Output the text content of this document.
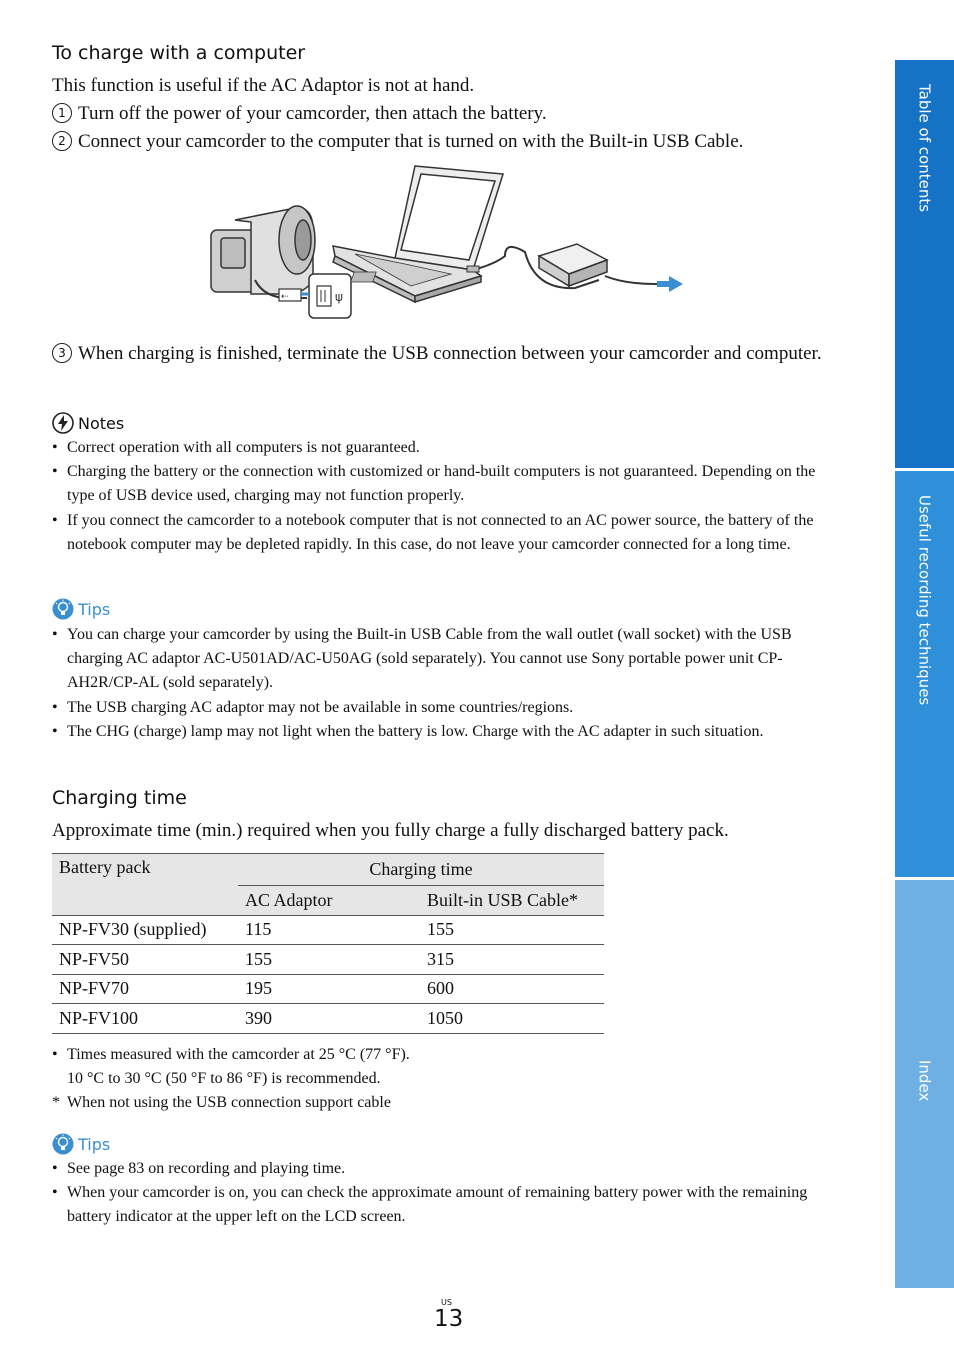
To charge with a computer
This function is useful if the AC Adaptor is not at hand.
1 Turn off the power of your camcorder, then attach the battery.
2 Connect your camcorder to the computer that is turned on with the Built-in USB Cable.
⇠	ψ
3 When charging is finished, terminate the USB connection between your camcorder and computer.
Notes
• Correct operation with all computers is not guaranteed.
• Charging the battery or the connection with customized or hand-built computers is not guaranteed. Depending on the type of USB device used, charging may not function properly.
• If you connect the camcorder to a notebook computer that is not connected to an AC power source, the battery of the notebook computer may be depleted rapidly. In this case, do not leave your camcorder connected for a long time.
Tips
• You can charge your camcorder by using the Built-in USB Cable from the wall outlet (wall socket) with the USB charging AC adaptor AC-U501AD/AC-U50AG (sold separately). You cannot use Sony portable power unit CP-AH2R/CP-AL (sold separately).
• The USB charging AC adaptor may not be available in some countries/regions.
• The CHG (charge) lamp may not light when the battery is low. Charge with the AC adapter in such situation.
Charging time
Approximate time (min.) required when you fully charge a fully discharged battery pack.
Battery pack	Charging time	
	AC Adaptor	Built-in USB Cable*
NP-FV30 (supplied)	115	155
NP-FV50	155	315
NP-FV70	195	600
NP-FV100	390	1050
• Times measured with the camcorder at 25 °C (77 °F).
10 °C to 30 °C (50 °F to 86 °F) is recommended.
* When not using the USB connection support cable
Tips
• See page 83 on recording and playing time.
• When your camcorder is on, you can check the approximate amount of remaining battery power with the remaining battery indicator at the upper left on the LCD screen.
US
13
Table of contents
Useful recording techniques
Index
